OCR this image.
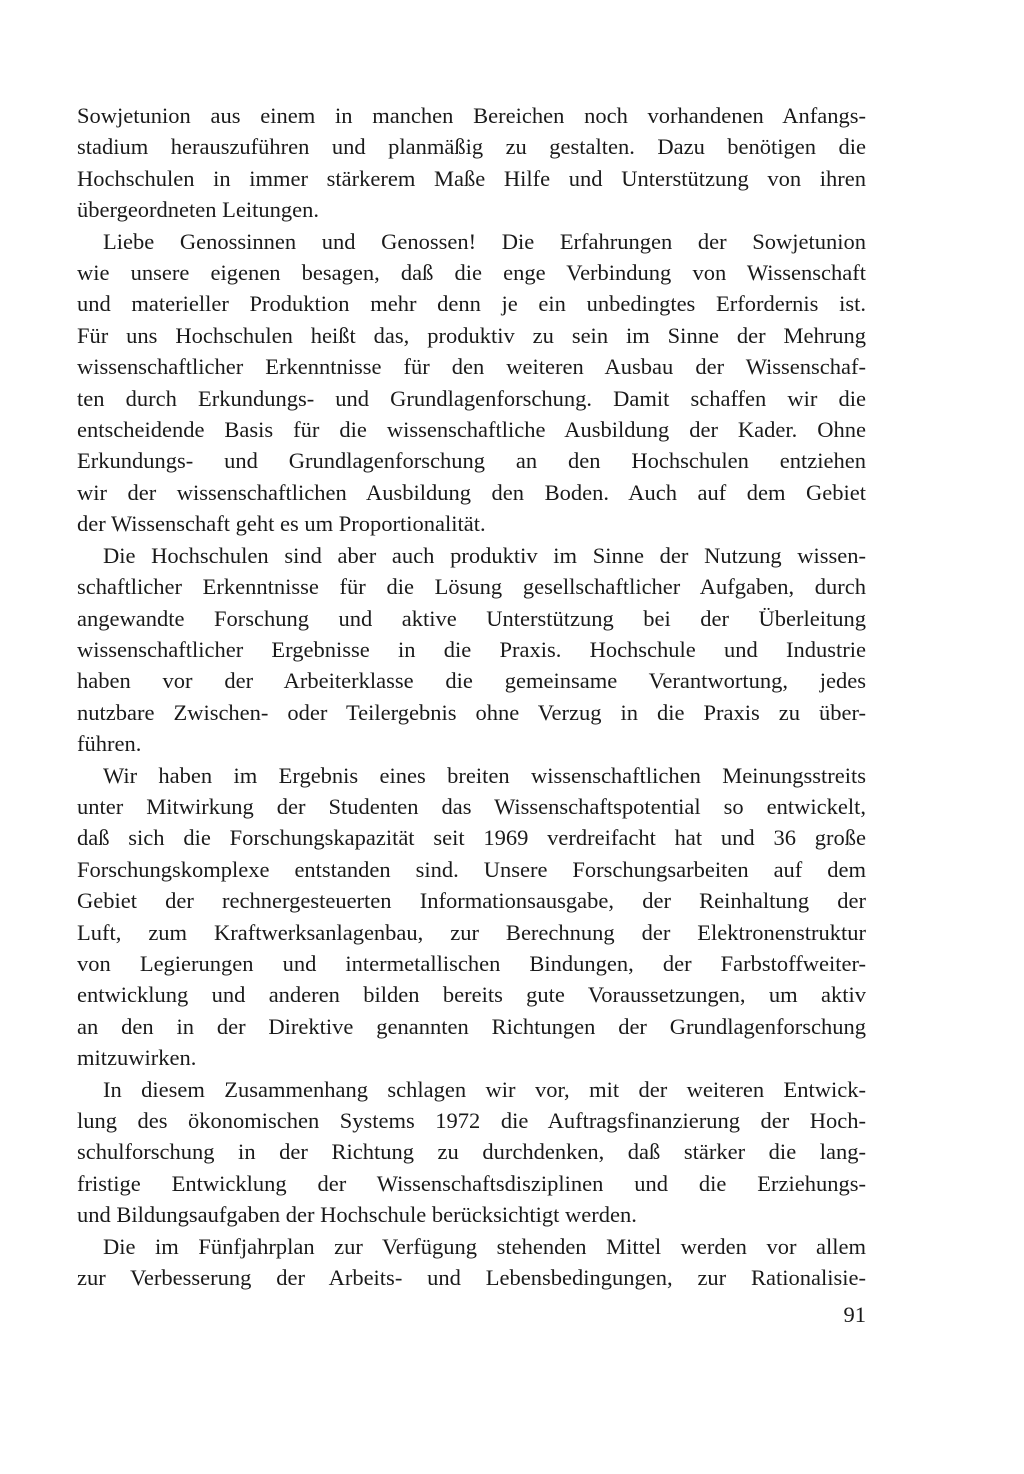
Sowjetunion aus einem in manchen Bereichen noch vorhandenen Anfangs-
stadium herauszuführen und planmäßig zu gestalten. Dazu benötigen die
Hochschulen in immer stärkerem Maße Hilfe und Unterstützung von ihren
übergeordneten Leitungen.
Liebe Genossinnen und Genossen! Die Erfahrungen der Sowjetunion
wie unsere eigenen besagen, daß die enge Verbindung von Wissenschaft
und materieller Produktion mehr denn je ein unbedingtes Erfordernis ist.
Für uns Hochschulen heißt das, produktiv zu sein im Sinne der Mehrung
wissenschaftlicher Erkenntnisse für den weiteren Ausbau der Wissenschaf-
ten durch Erkundungs- und Grundlagenforschung. Damit schaffen wir die
entscheidende Basis für die wissenschaftliche Ausbildung der Kader. Ohne
Erkundungs- und Grundlagenforschung an den Hochschulen entziehen
wir der wissenschaftlichen Ausbildung den Boden. Auch auf dem Gebiet
der Wissenschaft geht es um Proportionalität.
Die Hochschulen sind aber auch produktiv im Sinne der Nutzung wissen-
schaftlicher Erkenntnisse für die Lösung gesellschaftlicher Aufgaben, durch
angewandte Forschung und aktive Unterstützung bei der Überleitung
wissenschaftlicher Ergebnisse in die Praxis. Hochschule und Industrie
haben vor der Arbeiterklasse die gemeinsame Verantwortung, jedes
nutzbare Zwischen- oder Teilergebnis ohne Verzug in die Praxis zu über-
führen.
Wir haben im Ergebnis eines breiten wissenschaftlichen Meinungsstreits
unter Mitwirkung der Studenten das Wissenschaftspotential so entwickelt,
daß sich die Forschungskapazität seit 1969 verdreifacht hat und 36 große
Forschungskomplexe entstanden sind. Unsere Forschungsarbeiten auf dem
Gebiet der rechnergesteuerten Informationsausgabe, der Reinhaltung der
Luft, zum Kraftwerksanlagenbau, zur Berechnung der Elektronenstruktur
von Legierungen und intermetallischen Bindungen, der Farbstoffweiter-
entwicklung und anderen bilden bereits gute Voraussetzungen, um aktiv
an den in der Direktive genannten Richtungen der Grundlagenforschung
mitzuwirken.
In diesem Zusammenhang schlagen wir vor, mit der weiteren Entwick-
lung des ökonomischen Systems 1972 die Auftragsfinanzierung der Hoch-
schulforschung in der Richtung zu durchdenken, daß stärker die lang-
fristige Entwicklung der Wissenschaftsdisziplinen und die Erziehungs-
und Bildungsaufgaben der Hochschule berücksichtigt werden.
Die im Fünfjahrplan zur Verfügung stehenden Mittel werden vor allem
zur Verbesserung der Arbeits- und Lebensbedingungen, zur Rationalisie-
91
